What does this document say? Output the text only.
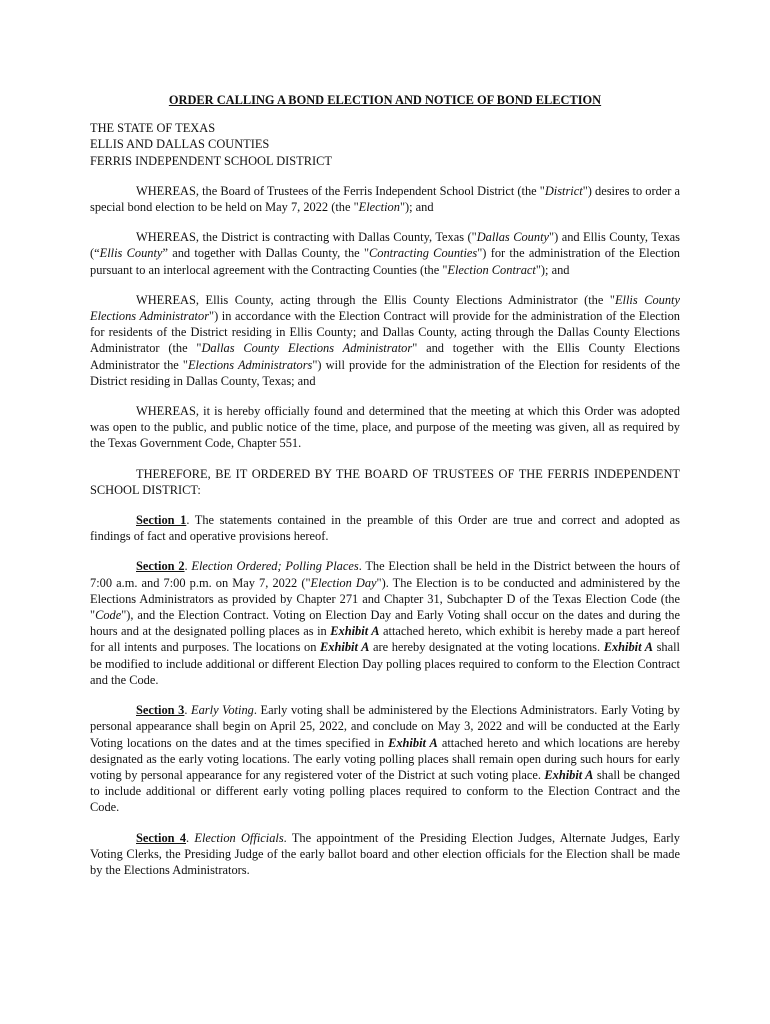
ORDER CALLING A BOND ELECTION AND NOTICE OF BOND ELECTION
THE STATE OF TEXAS
ELLIS AND DALLAS COUNTIES
FERRIS INDEPENDENT SCHOOL DISTRICT

WHEREAS, the Board of Trustees of the Ferris Independent School District (the "District") desires to order a special bond election to be held on May 7, 2022 (the "Election"); and

WHEREAS, the District is contracting with Dallas County, Texas ("Dallas County") and Ellis County, Texas (“Ellis County” and together with Dallas County, the "Contracting Counties") for the administration of the Election pursuant to an interlocal agreement with the Contracting Counties (the "Election Contract"); and

WHEREAS, Ellis County, acting through the Ellis County Elections Administrator (the "Ellis County Elections Administrator") in accordance with the Election Contract will provide for the administration of the Election for residents of the District residing in Ellis County; and Dallas County, acting through the Dallas County Elections Administrator (the "Dallas County Elections Administrator" and together with the Ellis County Elections Administrator the "Elections Administrators") will provide for the administration of the Election for residents of the District residing in Dallas County, Texas; and

WHEREAS, it is hereby officially found and determined that the meeting at which this Order was adopted was open to the public, and public notice of the time, place, and purpose of the meeting was given, all as required by the Texas Government Code, Chapter 551.

THEREFORE, BE IT ORDERED BY THE BOARD OF TRUSTEES OF THE FERRIS INDEPENDENT SCHOOL DISTRICT:

Section 1. The statements contained in the preamble of this Order are true and correct and adopted as findings of fact and operative provisions hereof.

Section 2. Election Ordered; Polling Places. The Election shall be held in the District between the hours of 7:00 a.m. and 7:00 p.m. on May 7, 2022 ("Election Day"). The Election is to be conducted and administered by the Elections Administrators as provided by Chapter 271 and Chapter 31, Subchapter D of the Texas Election Code (the "Code"), and the Election Contract. Voting on Election Day and Early Voting shall occur on the dates and during the hours and at the designated polling places as in Exhibit A attached hereto, which exhibit is hereby made a part hereof for all intents and purposes. The locations on Exhibit A are hereby designated at the voting locations. Exhibit A shall be modified to include additional or different Election Day polling places required to conform to the Election Contract and the Code.

Section 3. Early Voting. Early voting shall be administered by the Elections Administrators. Early Voting by personal appearance shall begin on April 25, 2022, and conclude on May 3, 2022 and will be conducted at the Early Voting locations on the dates and at the times specified in Exhibit A attached hereto and which locations are hereby designated as the early voting locations. The early voting polling places shall remain open during such hours for early voting by personal appearance for any registered voter of the District at such voting place. Exhibit A shall be changed to include additional or different early voting polling places required to conform to the Election Contract and the Code.

Section 4. Election Officials. The appointment of the Presiding Election Judges, Alternate Judges, Early Voting Clerks, the Presiding Judge of the early ballot board and other election officials for the Election shall be made by the Elections Administrators.
